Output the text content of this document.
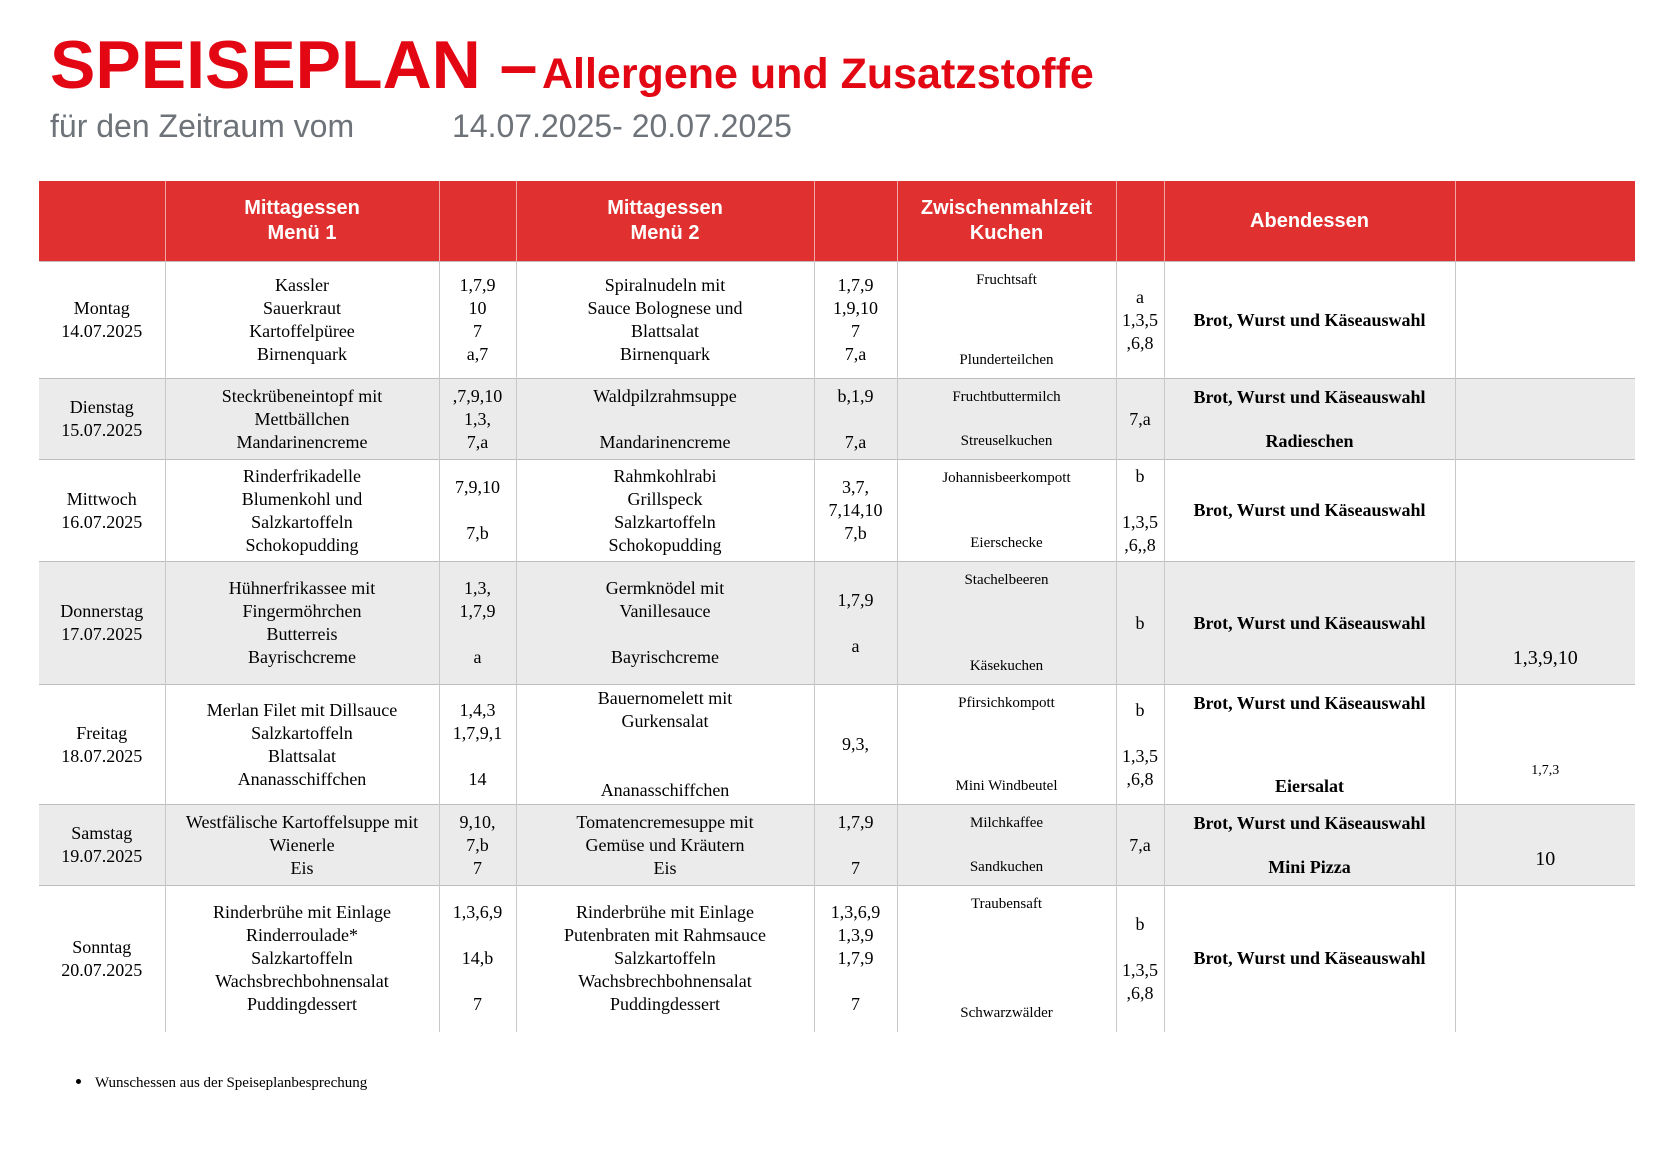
SPEISEPLAN – Allergene und Zusatzstoffe
für den Zeitraum vom	14.07.2025- 20.07.2025
	Mittagessen
Menü 1		Mittagessen
Menü 2		Zwischenmahlzeit
Kuchen		Abendessen	
Montag
14.07.2025	Kassler
Sauerkraut
Kartoffelpüree
Birnenquark	1,7,9
10
7
a,7	Spiralnudeln mit
Sauce Bolognese und
Blattsalat
Birnenquark	1,7,9
1,9,10
7
7,a	Fruchtsaft
Plunderteilchen	a
1,3,5
,6,8	Brot, Wurst und Käseauswahl	

Dienstag
15.07.2025	Steckrübeneintopf mit
Mettbällchen
Mandarinencreme	,7,9,10
1,3,
7,a	Waldpilzrahmsuppe

Mandarinencreme	b,1,9

7,a	Fruchtbuttermilch
Streuselkuchen	7,a	Brot, Wurst und Käseauswahl
Radieschen	

Mittwoch
16.07.2025	Rinderfrikadelle
Blumenkohl und
Salzkartoffeln
Schokopudding	7,9,10

7,b	Rahmkohlrabi
Grillspeck
Salzkartoffeln
Schokopudding	3,7,
7,14,10
7,b	Johannisbeerkompott
Eierschecke	b

1,3,5
,6,,8	Brot, Wurst und Käseauswahl	

Donnerstag
17.07.2025	Hühnerfrikassee mit
Fingermöhrchen
Butterreis
Bayrischcreme	1,3,
1,7,9

a	Germknödel mit
Vanillesauce

Bayrischcreme	1,7,9

a	Stachelbeeren
Käsekuchen	b	Brot, Wurst und Käseauswahl	1,3,9,10
Freitag
18.07.2025	Merlan Filet mit Dillsauce
Salzkartoffeln
Blattsalat
Ananasschiffchen	1,4,3
1,7,9,1

14	Bauernomelett mit
Gurkensalat

Ananasschiffchen	9,3,	Pfirsichkompott
Mini Windbeutel	b

1,3,5
,6,8	Brot, Wurst und Käseauswahl
Eiersalat	1,7,3
Samstag
19.07.2025	Westfälische Kartoffelsuppe mit
Wienerle
Eis	9,10,
7,b
7	Tomatencremesuppe mit
Gemüse und Kräutern
Eis	1,7,9

7	Milchkaffee
Sandkuchen	7,a	Brot, Wurst und Käseauswahl
Mini Pizza	10
Sonntag
20.07.2025	Rinderbrühe mit Einlage
Rinderroulade*
Salzkartoffeln
Wachsbrechbohnensalat
Puddingdessert	1,3,6,9

14,b

7	Rinderbrühe mit Einlage
Putenbraten mit Rahmsauce
Salzkartoffeln
Wachsbrechbohnensalat
Puddingdessert	1,3,6,9
1,3,9
1,7,9

7	Traubensaft
Schwarzwälder	b

1,3,5
,6,8	Brot, Wurst und Käseauswahl	

Wunschessen aus der Speiseplanbesprechung
